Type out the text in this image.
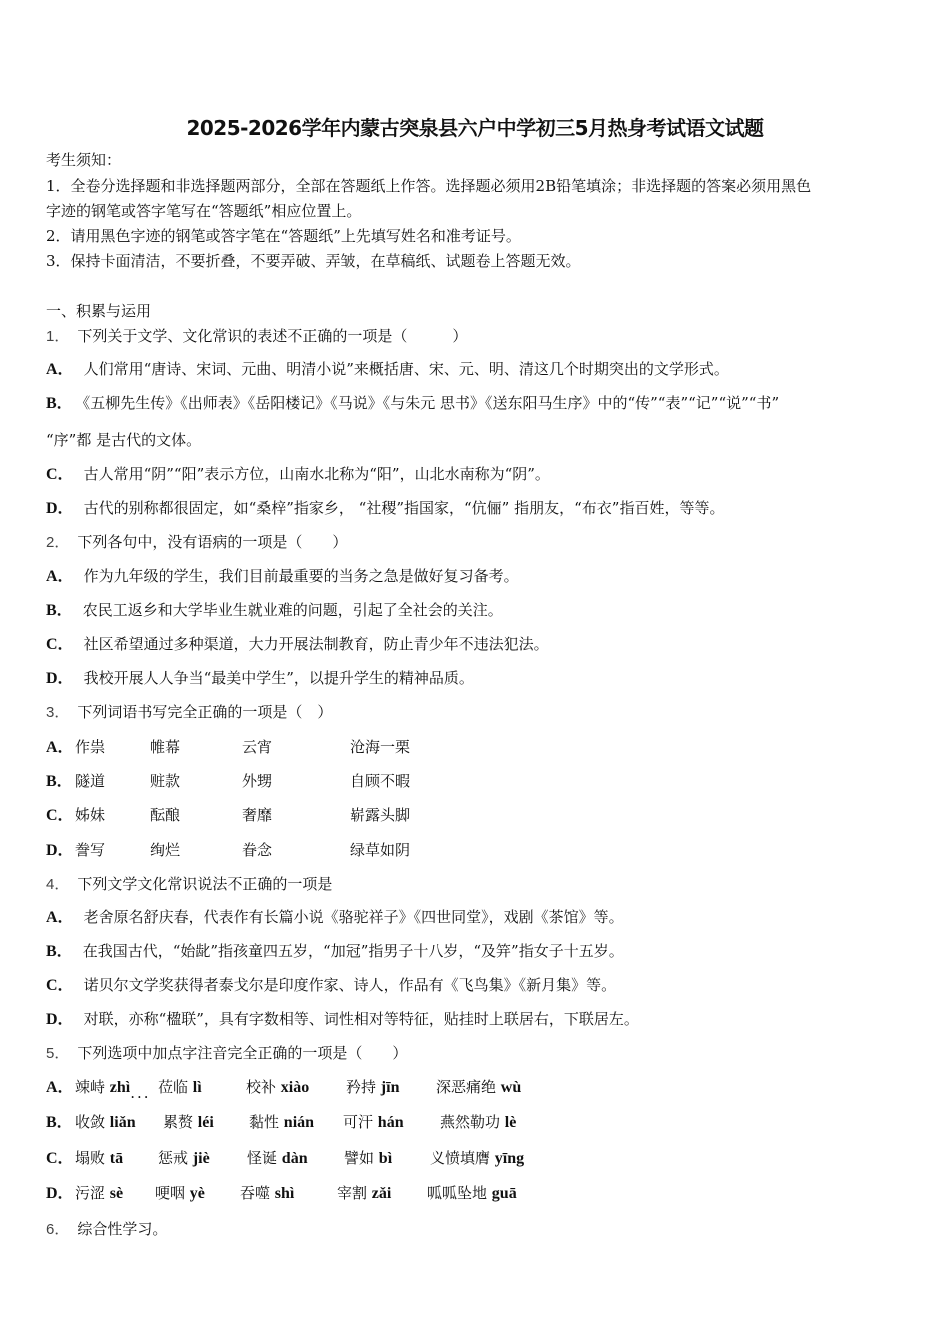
2025-2026学年内蒙古突泉县六户中学初三5月热身考试语文试题
考生须知：
1．全卷分选择题和非选择题两部分，全部在答题纸上作答。选择题必须用2B铅笔填涂；非选择题的答案必须用黑色
字迹的钢笔或答字笔写在“答题纸”相应位置上。
2．请用黑色字迹的钢笔或答字笔在“答题纸”上先填写姓名和准考证号。
3．保持卡面清洁，不要折叠，不要弄破、弄皱，在草稿纸、试题卷上答题无效。
一、积累与运用
1． 下列关于文学、文化常识的表述不正确的一项是（　　　）
A． 人们常用“唐诗、宋词、元曲、明清小说”来概括唐、宋、元、明、清这几个时期突出的文学形式。
B． 《五柳先生传》《出师表》《岳阳楼记》《马说》《与朱元 思书》《送东阳马生序》中的“传”“表”“记”“说”“书”
“序”都 是古代的文体。
C． 古人常用“阴”“阳”表示方位，山南水北称为“阳”，山北水南称为“阴”。
D． 古代的别称都很固定，如“桑梓”指家乡， “社稷”指国家，“伉俪” 指朋友，“布衣”指百姓，等等。
2． 下列各句中，没有语病的一项是（　　）
A． 作为九年级的学生，我们目前最重要的当务之急是做好复习备考。
B． 农民工返乡和大学毕业生就业难的问题，引起了全社会的关注。
C． 社区希望通过多种渠道，大力开展法制教育，防止青少年不违法犯法。
D． 我校开展人人争当“最美中学生”，以提升学生的精神品质。
3． 下列词语书写完全正确的一项是（　）
A． 作祟	帷幕	云宵	沧海一栗
B． 隧道	赃款	外甥	自顾不暇
C． 姊妹	酝酿	奢靡	崭露头脚
D． 誊写	绚烂	眷念	绿草如阴
4． 下列文学文化常识说法不正确的一项是
A． 老舍原名舒庆春，代表作有长篇小说《骆驼祥子》《四世同堂》，戏剧《茶馆》等。
B． 在我国古代，“始龀”指孩童四五岁，“加冠”指男子十八岁，“及笄”指女子十五岁。
C． 诺贝尔文学奖获得者泰戈尔是印度作家、诗人，作品有《飞鸟集》《新月集》等。
D． 对联，亦称“楹联”，具有字数相等、词性相对等特征，贴挂时上联居右，下联居左。
5． 下列选项中加点字注音完全正确的一项是（　　）
A． 竦峙 zhì... 莅临 lì	校补 xiào 矜持 jīn 深恶痛绝 wù
B． 收敛 liǎn 累赘 léi 黏性 nián 可汗 hán 燕然勒功 lè
C． 塌败 tā 惩戒 jiè 怪诞 dàn 譬如 bì	义愤填膺 yīng
D． 污涩 sè 哽咽 yè 吞噬 shì	宰割 zǎi 呱呱坠地 guā
6． 综合性学习。
